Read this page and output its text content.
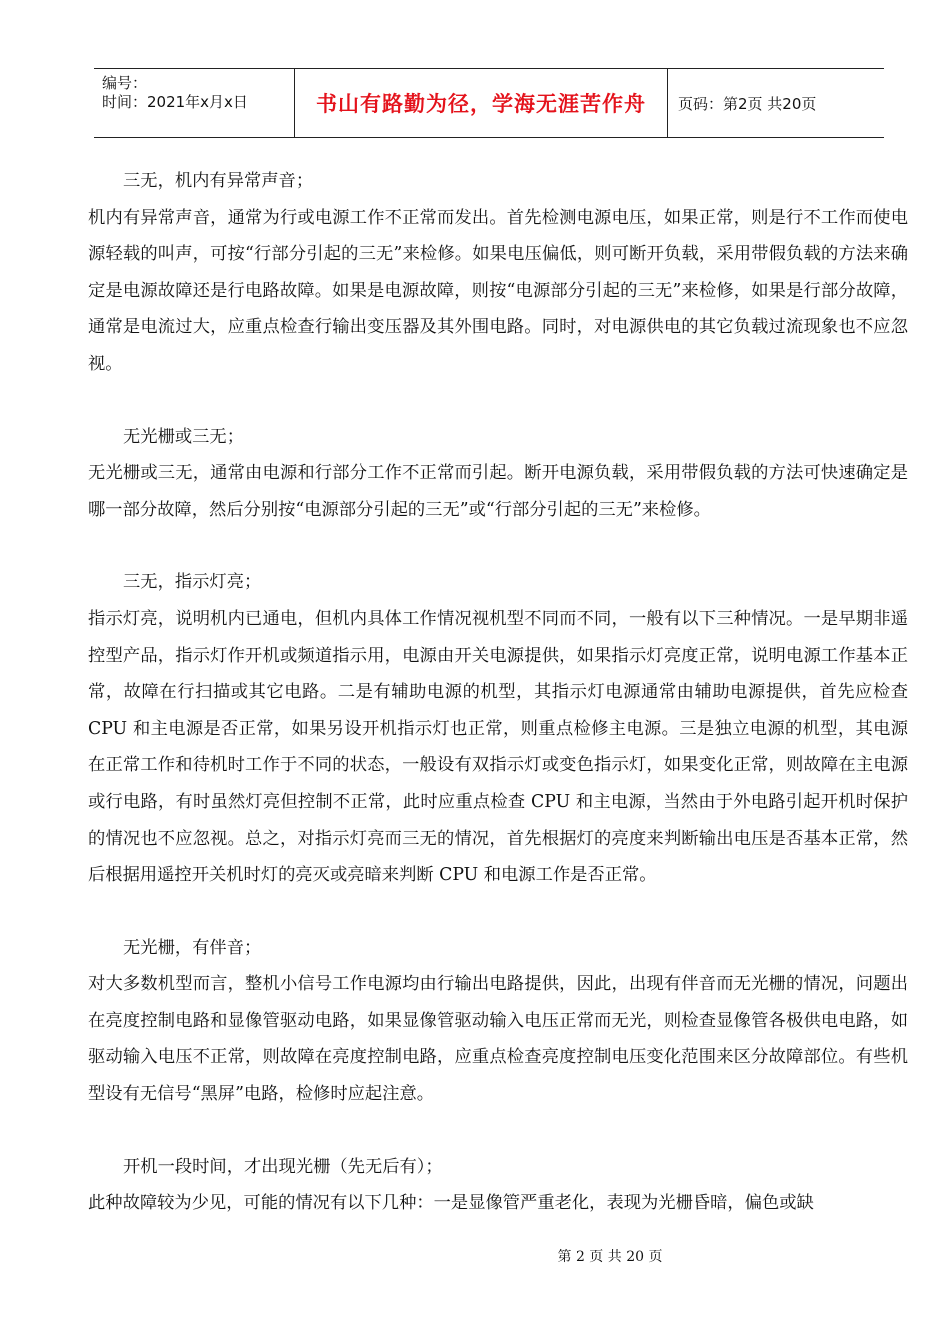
编号：
时间：2021年x月x日	书山有路勤为径，学海无涯苦作舟	页码：第2页 共20页

三无，机内有异常声音；

机内有异常声音，通常为行或电源工作不正常而发出。首先检测电源电压，如果正常，则是行不工作而使电源轻载的叫声，可按“行部分引起的三无”来检修。如果电压偏低，则可断开负载，采用带假负载的方法来确定是电源故障还是行电路故障。如果是电源故障，则按“电源部分引起的三无”来检修，如果是行部分故障，通常是电流过大，应重点检查行输出变压器及其外围电路。同时，对电源供电的其它负载过流现象也不应忽视。

无光栅或三无；

无光栅或三无，通常由电源和行部分工作不正常而引起。断开电源负载，采用带假负载的方法可快速确定是哪一部分故障，然后分别按“电源部分引起的三无”或“行部分引起的三无”来检修。

三无，指示灯亮；

指示灯亮，说明机内已通电，但机内具体工作情况视机型不同而不同，一般有以下三种情况。一是早期非遥控型产品，指示灯作开机或频道指示用，电源由开关电源提供，如果指示灯亮度正常，说明电源工作基本正常，故障在行扫描或其它电路。二是有辅助电源的机型，其指示灯电源通常由辅助电源提供，首先应检查 CPU 和主电源是否正常，如果另设开机指示灯也正常，则重点检修主电源。三是独立电源的机型，其电源在正常工作和待机时工作于不同的状态，一般设有双指示灯或变色指示灯，如果变化正常，则故障在主电源或行电路，有时虽然灯亮但控制不正常，此时应重点检查 CPU 和主电源，当然由于外电路引起开机时保护的情况也不应忽视。总之，对指示灯亮而三无的情况，首先根据灯的亮度来判断输出电压是否基本正常，然后根据用遥控开关机时灯的亮灭或亮暗来判断 CPU 和电源工作是否正常。

无光栅，有伴音；

对大多数机型而言，整机小信号工作电源均由行输出电路提供，因此，出现有伴音而无光栅的情况，问题出在亮度控制电路和显像管驱动电路，如果显像管驱动输入电压正常而无光，则检查显像管各极供电电路，如驱动输入电压不正常，则故障在亮度控制电路，应重点检查亮度控制电压变化范围来区分故障部位。有些机型设有无信号“黑屏”电路，检修时应起注意。

开机一段时间，才出现光栅（先无后有）；

此种故障较为少见，可能的情况有以下几种：一是显像管严重老化，表现为光栅昏暗，偏色或缺

第 2 页 共 20 页
